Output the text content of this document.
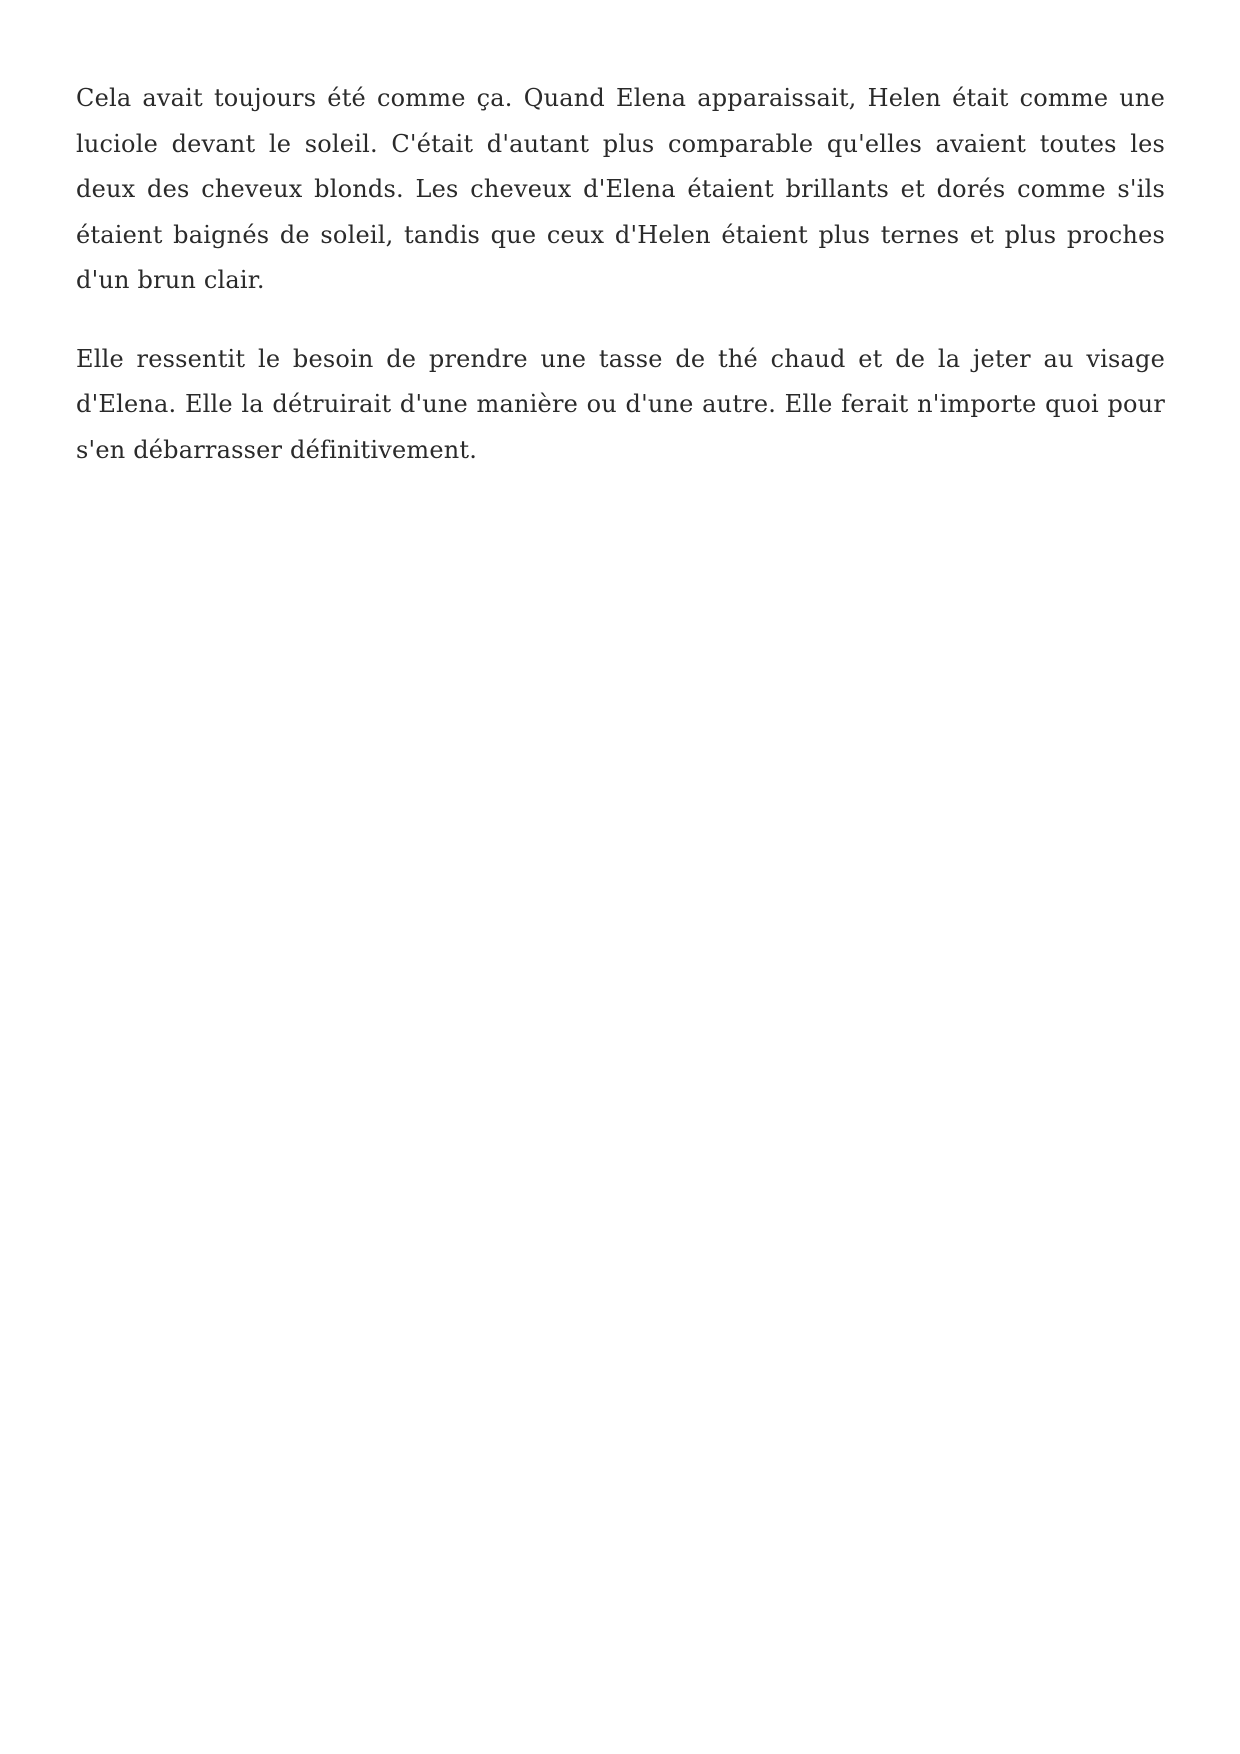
Cela avait toujours été comme ça. Quand Elena apparaissait, Helen était comme une luciole devant le soleil. C'était d'autant plus comparable qu'elles avaient toutes les deux des cheveux blonds. Les cheveux d'Elena étaient brillants et dorés comme s'ils étaient baignés de soleil, tandis que ceux d'Helen étaient plus ternes et plus proches d'un brun clair.

Elle ressentit le besoin de prendre une tasse de thé chaud et de la jeter au visage d'Elena. Elle la détruirait d'une manière ou d'une autre. Elle ferait n'importe quoi pour s'en débarrasser définitivement.
